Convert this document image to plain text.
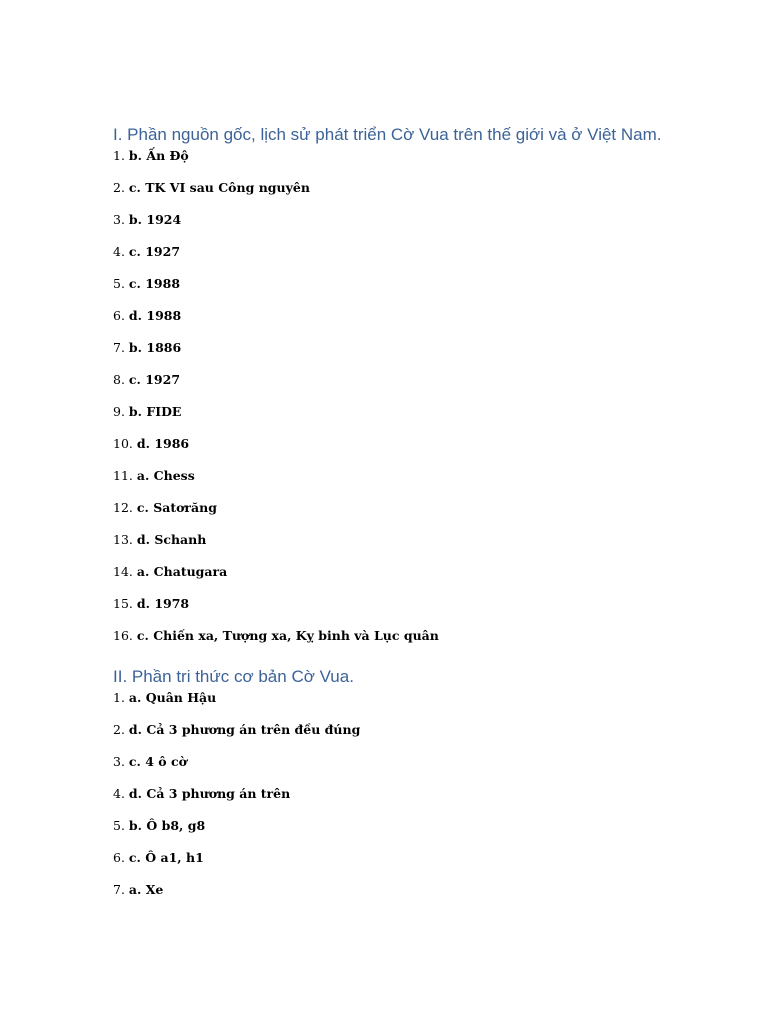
I. Phần nguồn gốc, lịch sử phát triển Cờ Vua trên thế giới và ở Việt Nam.
1. b. Ấn Độ
2. c. TK VI sau Công nguyên
3. b. 1924
4. c. 1927
5. c. 1988
6. d. 1988
7. b. 1886
8. c. 1927
9. b. FIDE
10. d. 1986
11. a. Chess
12. c. Satơrăng
13. d. Schanh
14. a. Chatugara
15. d. 1978
16. c. Chiến xa, Tượng xa, Kỵ binh và Lục quân
II. Phần tri thức cơ bản Cờ Vua.
1. a. Quân Hậu
2. d. Cả 3 phương án trên đều đúng
3. c. 4 ô cờ
4. d. Cả 3 phương án trên
5. b. Ô b8, g8
6. c. Ô a1, h1
7. a. Xe
